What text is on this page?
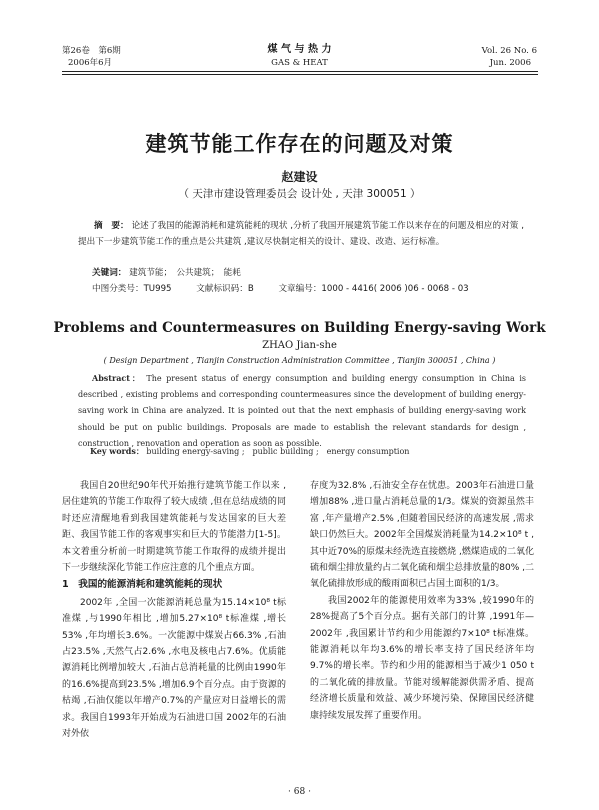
第26卷　第6期
2006年6月
煤 气 与 热 力
GAS & HEAT
Vol. 26 No. 6
Jun. 2006
建筑节能工作存在的问题及对策
赵建设
（ 天津市建设管理委员会 设计处 , 天津 300051 ）
摘　要： 论述了我国的能源消耗和建筑能耗的现状 ,分析了我国开展建筑节能工作以来存在的问题及相应的对策 ,提出下一步建筑节能工作的重点是公共建筑 ,建议尽快制定相关的设计、建设、改造、运行标准。
关键词： 建筑节能；　公共建筑；　能耗
中图分类号：TU995	文献标识码：B	文章编号：1000 - 4416( 2006 )06 - 0068 - 03
Problems and Countermeasures on Building Energy-saving Work
ZHAO Jian-she
( Design Department , Tianjin Construction Administration Committee , Tianjin 300051 , China )
Abstract： The present status of energy consumption and building energy consumption in China is described , existing problems and corresponding countermeasures since the development of building energy-saving work in China are analyzed. It is pointed out that the next emphasis of building energy-saving work should be put on public buildings. Proposals are made to establish the relevant standards for design , construction , renovation and operation as soon as possible.
Key words： building energy-saving ;　public building ;　energy consumption

我国自20世纪90年代开始推行建筑节能工作以来 ,居住建筑的节能工作取得了较大成绩 ,但在总结成绩的同时还应清醒地看到我国建筑能耗与发达国家的巨大差距、我国节能工作的客观事实和巨大的节能潜力[1-5]。本文着重分析前一时期建筑节能工作取得的成绩并提出下一步继续深化节能工作应注意的几个重点方面。

1　我国的能源消耗和建筑能耗的现状

2002年 ,全国一次能源消耗总量为15.14×10⁸ t标准煤 ,与1990年相比 ,增加5.27×10⁸ t标准煤 ,增长53% ,年均增长3.6%。一次能源中煤炭占66.3% ,石油占23.5% ,天然气占2.6% ,水电及核电占7.6%。优质能源消耗比例增加较大 ,石油占总消耗量的比例由1990年的16.6%提高到23.5% ,增加6.9个百分点。由于资源的枯竭 ,石油仅能以年增产0.7%的产量应对日益增长的需求。我国自1993年开始成为石油进口国 2002年的石油对外依

存度为32.8% ,石油安全存在忧患。2003年石油进口量增加88% ,进口量占消耗总量的1/3。煤炭的资源虽然丰富 ,年产量增产2.5% ,但随着国民经济的高速发展 ,需求缺口仍然巨大。2002年全国煤炭消耗量为14.2×10⁸ t ,其中近70%的原煤未经洗选直接燃烧 ,燃煤造成的二氧化硫和烟尘排放量约占二氧化硫和烟尘总排放量的80% ,二氧化硫排放形成的酸雨面积已占国土面积的1/3。

我国2002年的能源使用效率为33% ,较1990年的28%提高了5个百分点。据有关部门的计算 ,1991年—2002年 ,我国累计节约和少用能源约7×10⁸ t标准煤。能源消耗以年均3.6%的增长率支持了国民经济年均9.7%的增长率。节约和少用的能源相当于减少1 050 t的二氧化硫的排放量。节能对缓解能源供需矛盾、提高经济增长质量和效益、减少环境污染、保障国民经济健康持续发展发挥了重要作用。

· 68 ·
